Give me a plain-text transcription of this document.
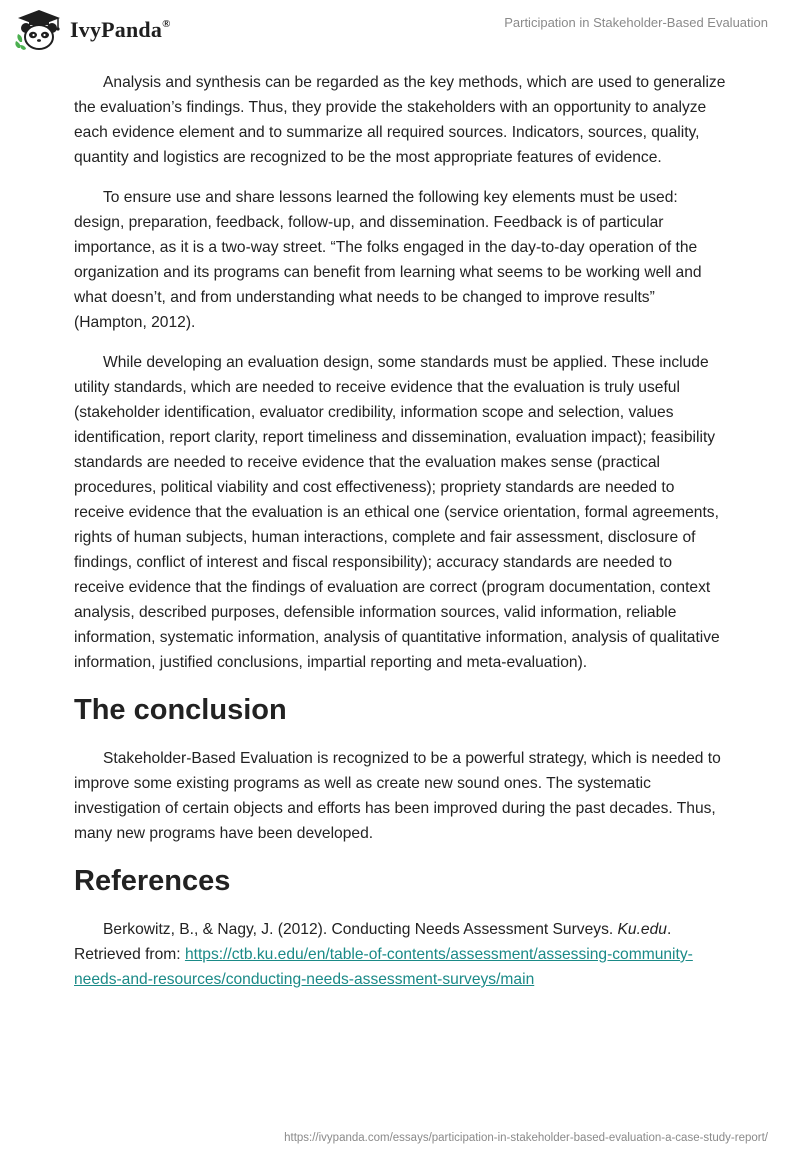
IvyPanda®	Participation in Stakeholder-Based Evaluation

Analysis and synthesis can be regarded as the key methods, which are used to generalize the evaluation’s findings. Thus, they provide the stakeholders with an opportunity to analyze each evidence element and to summarize all required sources. Indicators, sources, quality, quantity and logistics are recognized to be the most appropriate features of evidence.

To ensure use and share lessons learned the following key elements must be used: design, preparation, feedback, follow-up, and dissemination. Feedback is of particular importance, as it is a two-way street. “The folks engaged in the day-to-day operation of the organization and its programs can benefit from learning what seems to be working well and what doesn’t, and from understanding what needs to be changed to improve results” (Hampton, 2012).

While developing an evaluation design, some standards must be applied. These include utility standards, which are needed to receive evidence that the evaluation is truly useful (stakeholder identification, evaluator credibility, information scope and selection, values identification, report clarity, report timeliness and dissemination, evaluation impact); feasibility standards are needed to receive evidence that the evaluation makes sense (practical procedures, political viability and cost effectiveness); propriety standards are needed to receive evidence that the evaluation is an ethical one (service orientation, formal agreements, rights of human subjects, human interactions, complete and fair assessment, disclosure of findings, conflict of interest and fiscal responsibility); accuracy standards are needed to receive evidence that the findings of evaluation are correct (program documentation, context analysis, described purposes, defensible information sources, valid information, reliable information, systematic information, analysis of quantitative information, analysis of qualitative information, justified conclusions, impartial reporting and meta-evaluation).

The conclusion

Stakeholder-Based Evaluation is recognized to be a powerful strategy, which is needed to improve some existing programs as well as create new sound ones. The systematic investigation of certain objects and efforts has been improved during the past decades. Thus, many new programs have been developed.

References

Berkowitz, B., & Nagy, J. (2012). Conducting Needs Assessment Surveys. Ku.edu. Retrieved from: https://ctb.ku.edu/en/table-of-contents/assessment/assessing-community-needs-and-resources/conducting-needs-assessment-surveys/main

https://ivypanda.com/essays/participation-in-stakeholder-based-evaluation-a-case-study-report/
